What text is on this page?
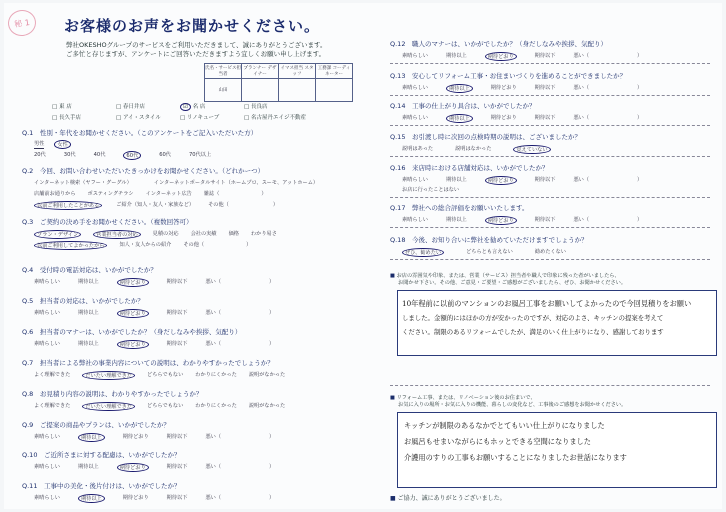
秘 1	お客様のお声をお聞かせください。
弊社OKESHOグループのサービスをご利用いただきまして、誠にありがとうございます。
ご多忙と存じますが、アンケートにご回答いただきますよう宜しくお願い申し上げます。
氏名・サービス担当者	プランナー デザイナー	イマス担当 スタッフ	工務課 コーディネーター
山田			
□ 東 店	□ 春日井店	☑ 名 店	□ 長良店
□ 長久手店	□ アイ・スタイル	□ リノキューブ	□ 名古屋丹エイジ不動産
Q.1　 性別・年代をお聞かせください。（このアンケートをご記入いただいた方）
男性	女性
20代	30代	40代	60代	60代	70代以上
Q.2　 今回、お問い合わせいただいたきっかけをお聞かせください。（どれかーつ）
インターネット検索（ヤフー・グーグル）	インターネットポータルサイト（ホームプロ、スーモ、アットホーム）
店舗前お通りから ポスティングチラシ インターネット広告 雑誌（	）
以前ご利用したことがある	ご紹介（知人・友人・家族など）	その他（	）
Q.3　 ご契約の決め手をお聞かせください。（複数回答可）
プラン・デザイン	営業担当者の対応	見積の対応 会社の実績 価格 わかり易さ
以前ご利用してよかったから	知人・友人からの紹介 その他（	）
Q.4　 受付時の電話対応は、いかがでしたか？
素晴らしい	期待以上	期待どおり	期待以下	悪い（	）
Q.5　 担当者の対応は、いかがでしたか？
素晴らしい	期待以上	期待どおり	期待以下	悪い（	）
Q.6　 担当者のマナーは、いかがでしたか？（身だしなみや挨拶、気配り）
素晴らしい	期待以上	期待どおり	期待以下	悪い（	）
Q.7　 担当者による弊社の事業内容についての説明は、わかりやすかったでしょうか？
よく理解できた	だいたい理解できた	どちらでもない わかりにくかった 説明がなかった
Q.8　 お見積り内容の説明は、わかりやすかったでしょうか？
よく理解できた	だいたい理解できた	どちらでもない わかりにくかった 説明がなかった
Q.9　 ご提案の商品やプランは、いかがでしたか？
素晴らしい	期待以上	期待どおり	期待以下	悪い（	）
Q.10　 ご近所さまに対する配慮は、いかがでしたか？
素晴らしい	期待以上	期待どおり	期待以下	悪い（	）
Q.11　 工事中の美化・後片付けは、いかがでしたか？
素晴らしい	期待以上	期待どおり	期待以下	悪い（	）
Q.12　 職人のマナーは、いかがでしたか？（身だしなみや挨拶、気配り）
素晴らしい	期待以上	期待どおり	期待以下	悪い（	）
Q.13　 安心してリフォーム工事・お住まいづくりを進めることができましたか？
素晴らしい	期待以上	期待どおり	期待以下	悪い（	）
Q.14　 工事の仕上がり具合は、いかがでしたか？
素晴らしい	期待以上	期待どおり	期待以下	悪い（	）
Q.15　 お引渡し時に次回の点検時期の説明は、ございましたか？
説明はあった	説明はなかった	覚えていない
Q.16　 来店時における店舗対応は、いかがでしたか？
素晴らしい	期待以上	期待どおり	期待以下	悪い（	）
お店に行ったことはない
Q.17　 弊社への総合評価をお願いいたします。
素晴らしい	期待以上	期待どおり	期待以下	悪い（	）
Q.18　 今後、お知り合いに弊社を勧めていただけますでしょうか？
ぜひ、勧めたい	どちらとも言えない	勧めたくない
■ お店の雰囲気や印象、または、営業（サービス）担当者や職人で印象に残った者がいましたら、
お聞かせ下さい。その他、ご意見・ご要望・ご感想がございましたら、ぜひ、お聞かせください。
10年程前に以前のマンションのお風呂工事をお願いしてよかったので今回見積りをお願い
しました。金額的にはほかの方が安かったのですが、対応のよさ、キッチンの提案を考えて
ください。制限のあるリフォームでしたが、満足のいく仕上がりになり、感謝しております
■ リフォーム工事、または、リノベーション後のお住まいで、
お気に入りの場所・お気に入りの機能、暮らしの変化など、工事後のご感想をお聞かせください。
キッチンが制限のあるなかでとてもいい仕上がりになりました
お風呂もせまいながらにもホッとできる空間になりました
介護用のすりの工事もお願いすることになりましたお世話になります
■ ご協力、誠にありがとうございました。
